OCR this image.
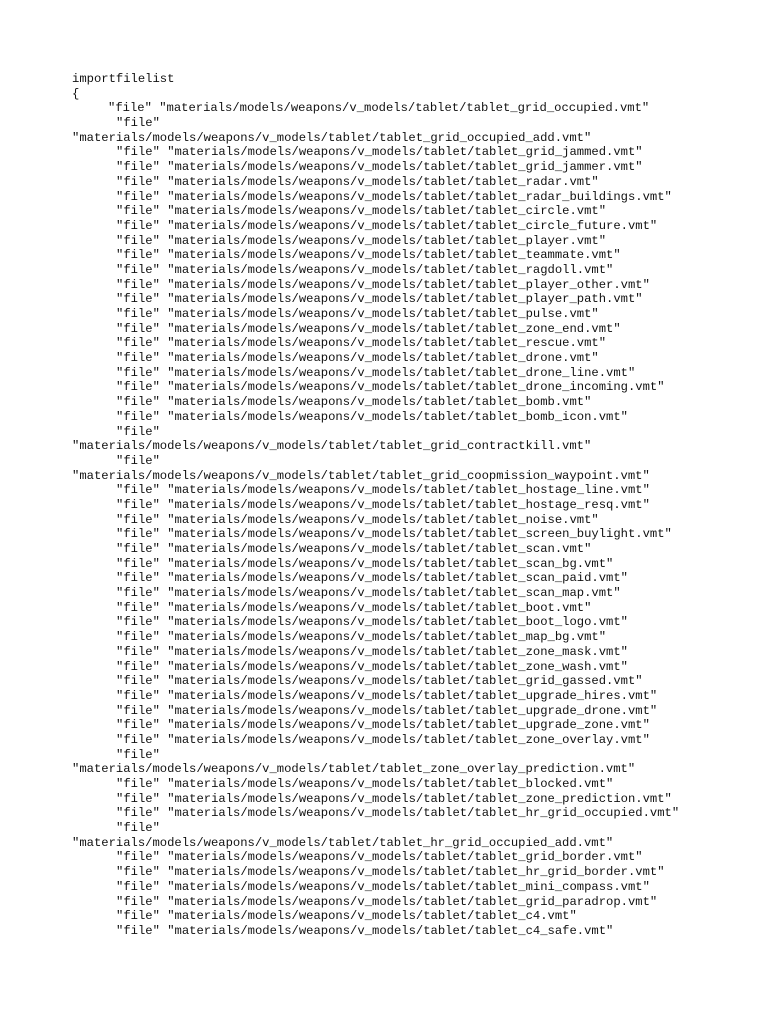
importfilelist
{
"file" "materials/models/weapons/v_models/tablet/tablet_grid_occupied.vmt"
"file"
"materials/models/weapons/v_models/tablet/tablet_grid_occupied_add.vmt"
"file" "materials/models/weapons/v_models/tablet/tablet_grid_jammed.vmt"
"file" "materials/models/weapons/v_models/tablet/tablet_grid_jammer.vmt"
"file" "materials/models/weapons/v_models/tablet/tablet_radar.vmt"
"file" "materials/models/weapons/v_models/tablet/tablet_radar_buildings.vmt"
"file" "materials/models/weapons/v_models/tablet/tablet_circle.vmt"
"file" "materials/models/weapons/v_models/tablet/tablet_circle_future.vmt"
"file" "materials/models/weapons/v_models/tablet/tablet_player.vmt"
"file" "materials/models/weapons/v_models/tablet/tablet_teammate.vmt"
"file" "materials/models/weapons/v_models/tablet/tablet_ragdoll.vmt"
"file" "materials/models/weapons/v_models/tablet/tablet_player_other.vmt"
"file" "materials/models/weapons/v_models/tablet/tablet_player_path.vmt"
"file" "materials/models/weapons/v_models/tablet/tablet_pulse.vmt"
"file" "materials/models/weapons/v_models/tablet/tablet_zone_end.vmt"
"file" "materials/models/weapons/v_models/tablet/tablet_rescue.vmt"
"file" "materials/models/weapons/v_models/tablet/tablet_drone.vmt"
"file" "materials/models/weapons/v_models/tablet/tablet_drone_line.vmt"
"file" "materials/models/weapons/v_models/tablet/tablet_drone_incoming.vmt"
"file" "materials/models/weapons/v_models/tablet/tablet_bomb.vmt"
"file" "materials/models/weapons/v_models/tablet/tablet_bomb_icon.vmt"
"file"
"materials/models/weapons/v_models/tablet/tablet_grid_contractkill.vmt"
"file"
"materials/models/weapons/v_models/tablet/tablet_grid_coopmission_waypoint.vmt"
"file" "materials/models/weapons/v_models/tablet/tablet_hostage_line.vmt"
"file" "materials/models/weapons/v_models/tablet/tablet_hostage_resq.vmt"
"file" "materials/models/weapons/v_models/tablet/tablet_noise.vmt"
"file" "materials/models/weapons/v_models/tablet/tablet_screen_buylight.vmt"
"file" "materials/models/weapons/v_models/tablet/tablet_scan.vmt"
"file" "materials/models/weapons/v_models/tablet/tablet_scan_bg.vmt"
"file" "materials/models/weapons/v_models/tablet/tablet_scan_paid.vmt"
"file" "materials/models/weapons/v_models/tablet/tablet_scan_map.vmt"
"file" "materials/models/weapons/v_models/tablet/tablet_boot.vmt"
"file" "materials/models/weapons/v_models/tablet/tablet_boot_logo.vmt"
"file" "materials/models/weapons/v_models/tablet/tablet_map_bg.vmt"
"file" "materials/models/weapons/v_models/tablet/tablet_zone_mask.vmt"
"file" "materials/models/weapons/v_models/tablet/tablet_zone_wash.vmt"
"file" "materials/models/weapons/v_models/tablet/tablet_grid_gassed.vmt"
"file" "materials/models/weapons/v_models/tablet/tablet_upgrade_hires.vmt"
"file" "materials/models/weapons/v_models/tablet/tablet_upgrade_drone.vmt"
"file" "materials/models/weapons/v_models/tablet/tablet_upgrade_zone.vmt"
"file" "materials/models/weapons/v_models/tablet/tablet_zone_overlay.vmt"
"file"
"materials/models/weapons/v_models/tablet/tablet_zone_overlay_prediction.vmt"
"file" "materials/models/weapons/v_models/tablet/tablet_blocked.vmt"
"file" "materials/models/weapons/v_models/tablet/tablet_zone_prediction.vmt"
"file" "materials/models/weapons/v_models/tablet/tablet_hr_grid_occupied.vmt"
"file"
"materials/models/weapons/v_models/tablet/tablet_hr_grid_occupied_add.vmt"
"file" "materials/models/weapons/v_models/tablet/tablet_grid_border.vmt"
"file" "materials/models/weapons/v_models/tablet/tablet_hr_grid_border.vmt"
"file" "materials/models/weapons/v_models/tablet/tablet_mini_compass.vmt"
"file" "materials/models/weapons/v_models/tablet/tablet_grid_paradrop.vmt"
"file" "materials/models/weapons/v_models/tablet/tablet_c4.vmt"
"file" "materials/models/weapons/v_models/tablet/tablet_c4_safe.vmt"
